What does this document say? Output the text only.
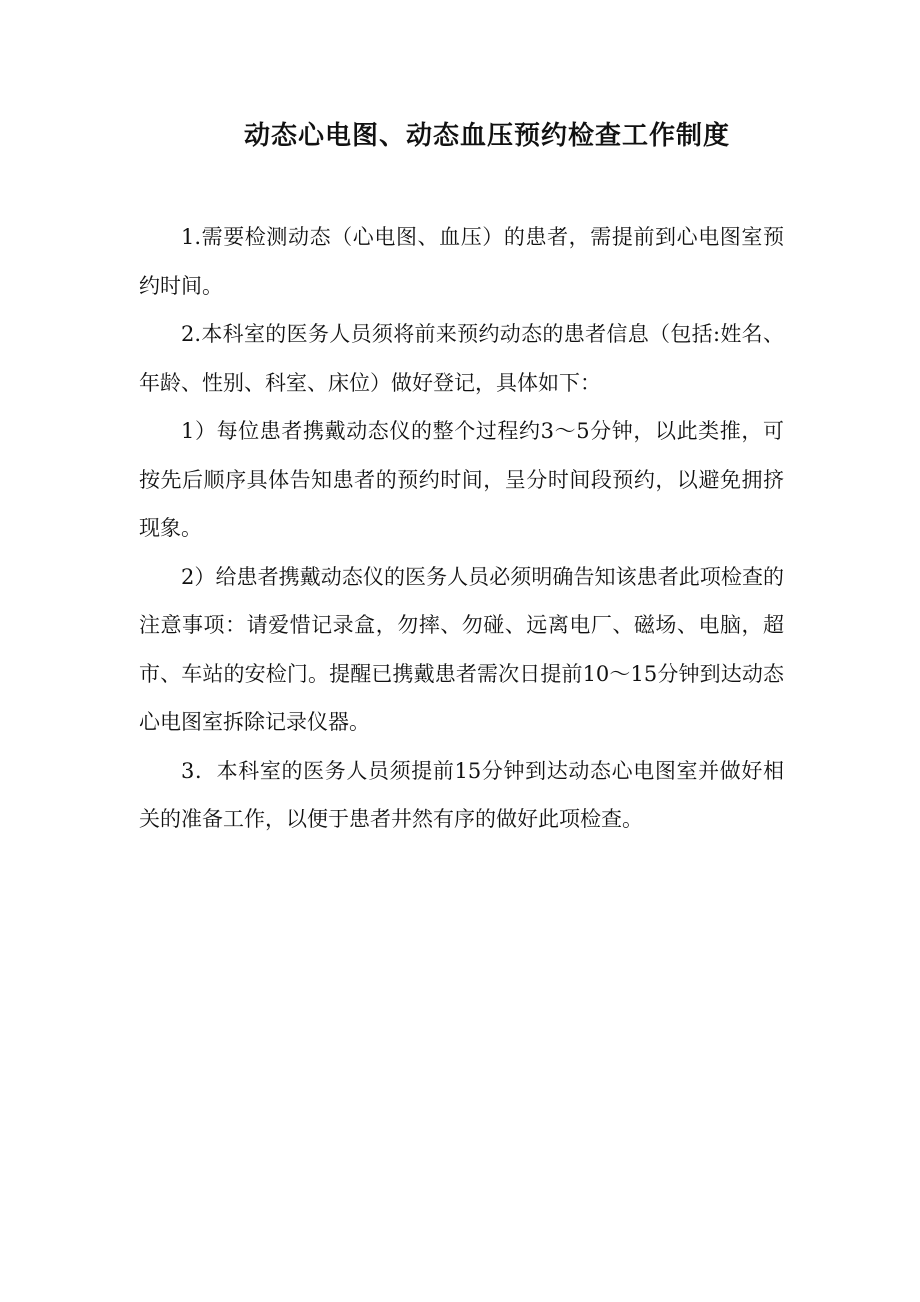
动态心电图、动态血压预约检查工作制度

1.需要检测动态（心电图、血压）的患者，需提前到心电图室预约时间。

2.本科室的医务人员须将前来预约动态的患者信息（包括:姓名、年龄、性别、科室、床位）做好登记，具体如下：

1）每位患者携戴动态仪的整个过程约3～5分钟，以此类推，可按先后顺序具体告知患者的预约时间，呈分时间段预约，以避免拥挤现象。

2）给患者携戴动态仪的医务人员必须明确告知该患者此项检查的注意事项：请爱惜记录盒，勿摔、勿碰、远离电厂、磁场、电脑，超市、车站的安检门。提醒已携戴患者需次日提前10～15分钟到达动态心电图室拆除记录仪器。

3．本科室的医务人员须提前15分钟到达动态心电图室并做好相关的准备工作，以便于患者井然有序的做好此项检查。
